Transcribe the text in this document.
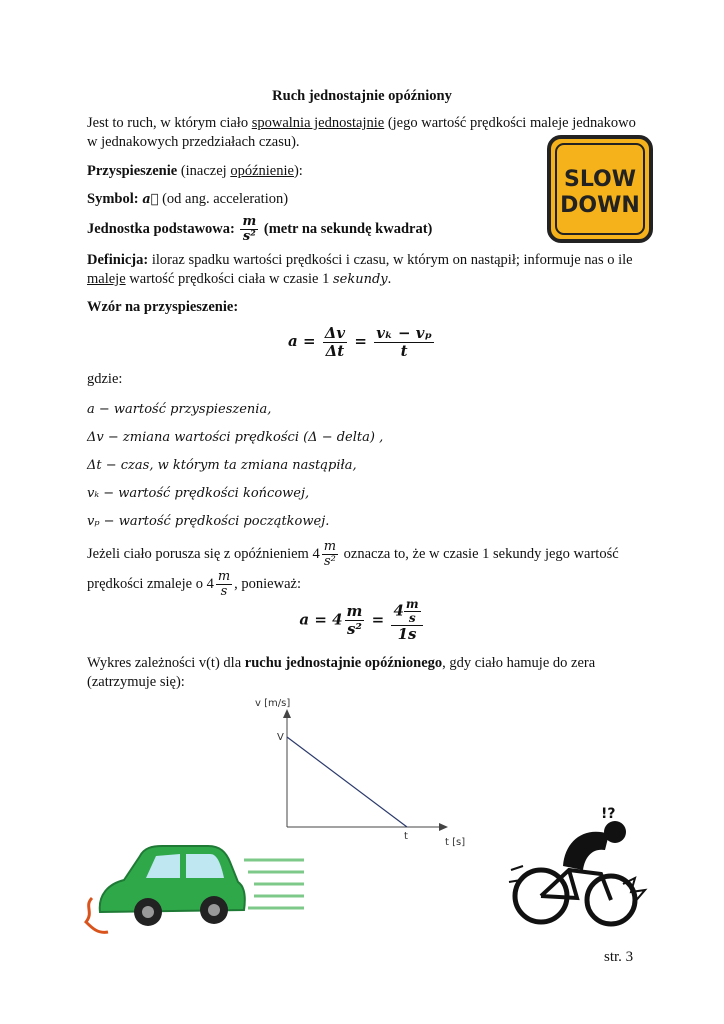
Ruch jednostajnie opóźniony
Jest to ruch, w którym ciało spowalnia jednostajnie (jego wartość prędkości maleje jednakowo
w jednakowych przedziałach czasu).
Przyspieszenie (inaczej opóźnienie):
Symbol: a⃗ (od ang. acceleration)
Jednostka podstawowa: $\frac{m}{\text{s²}}$ (metr na sekundę kwadrat)
Definicja: iloraz spadku wartości prędkości i czasu, w którym on nastąpił; informuje nas o ile
maleje wartość prędkości ciała w czasie 1 sekundy.
Wzór na przyspieszenie:
$a = \frac{\Delta v}{\Delta t} = \frac{\text{vₖ − vₚ}}{t}$
gdzie:
a − wartość przyspieszenia,
Δv − zmiana wartości prędkości (Δ − delta) ,
Δt − czas, w którym ta zmiana nastąpiła,
vₖ − wartość prędkości końcowej,
vₚ − wartość prędkości początkowej.
Jeżeli ciało porusza się z opóźnieniem $4 \frac{m}{\text{s²}}$ oznacza to, że w czasie 1 sekundy jego wartość
prędkości zmaleje o $4 \frac{m}{s}$ , ponieważ:
$a = 4 \frac{m}{\text{s²}} = \frac{4 \frac{m}{s}}{1s}$
Wykres zależności v(t) dla ruchu jednostajnie opóźnionego, gdy ciało hamuje do zera
(zatrzymuje się):
SLOW
DOWN
v [m/s]
V
t
t [s]
!?
str. 3
